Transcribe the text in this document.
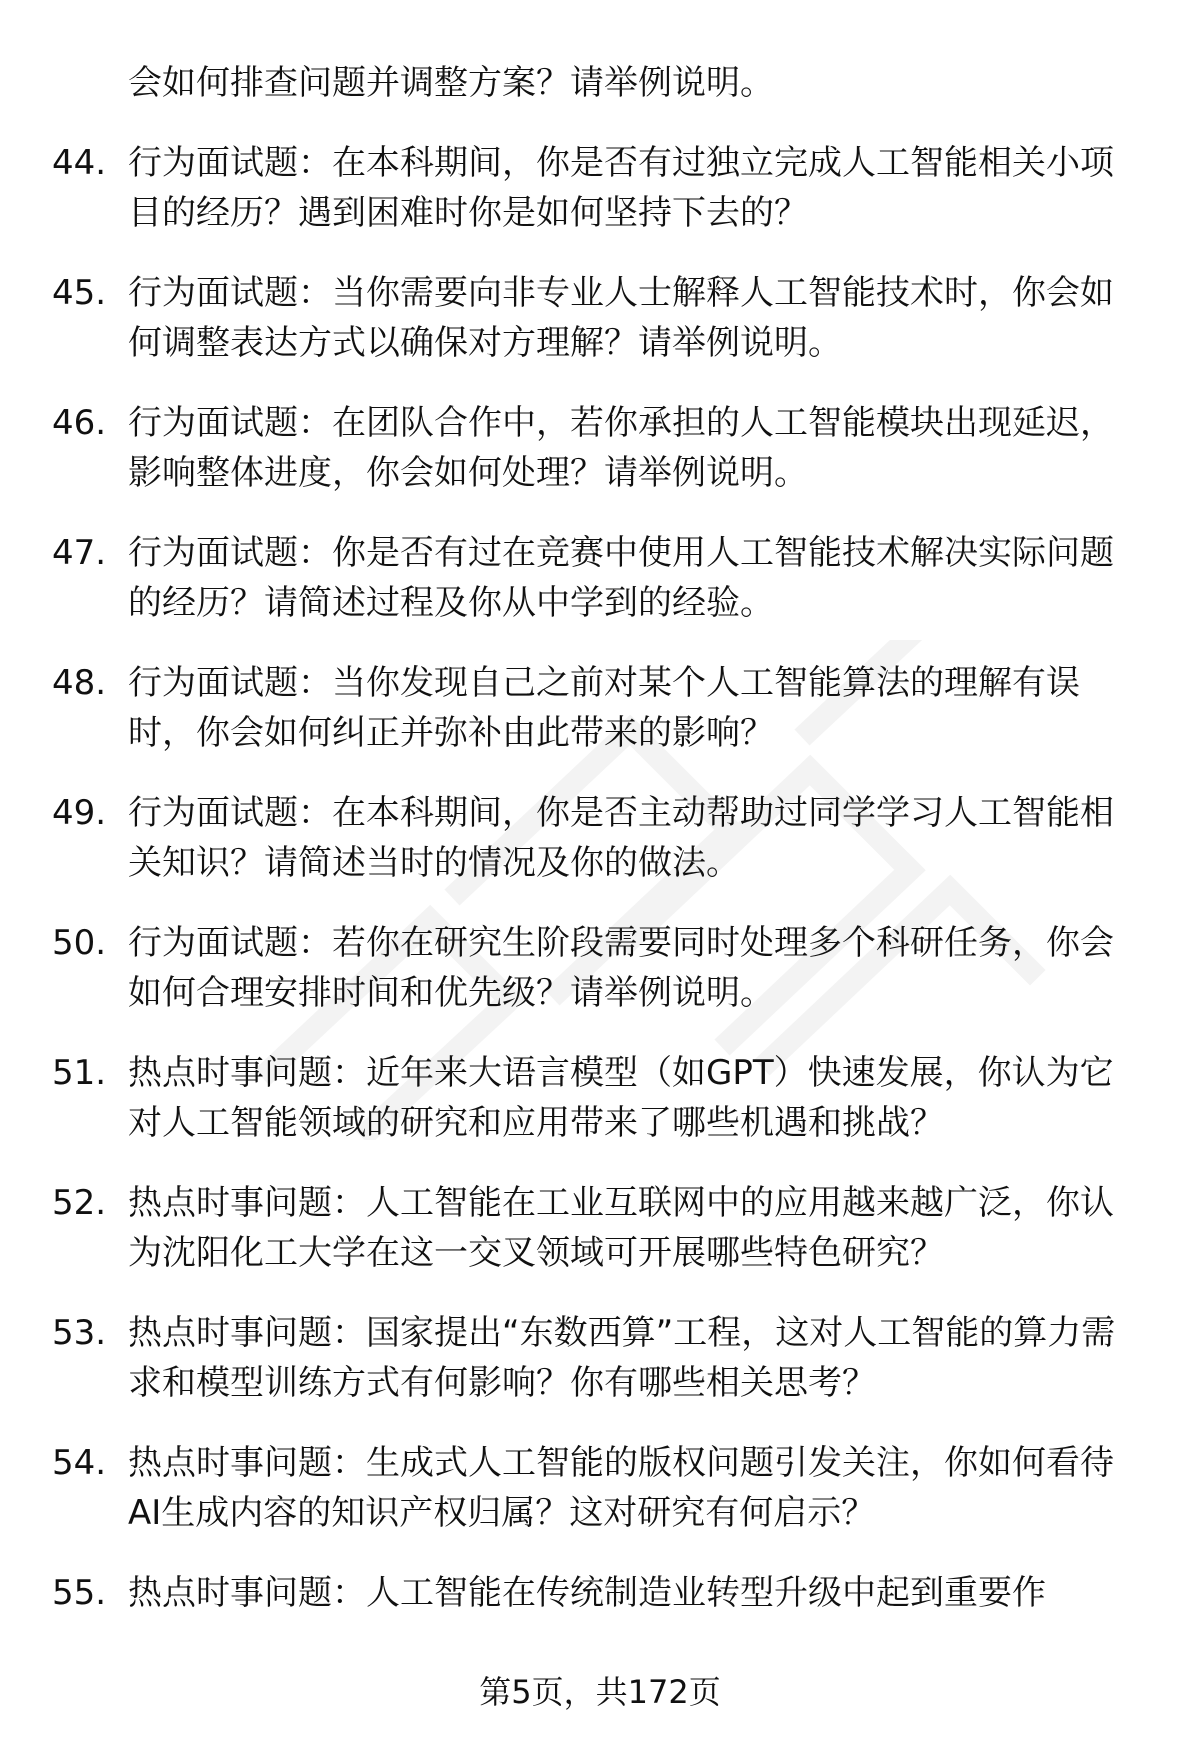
会如何排查问题并调整方案？请举例说明。
44. 行为面试题：在本科期间，你是否有过独立完成人工智能相关小项目的经历？遇到困难时你是如何坚持下去的？
45. 行为面试题：当你需要向非专业人士解释人工智能技术时，你会如何调整表达方式以确保对方理解？请举例说明。
46. 行为面试题：在团队合作中，若你承担的人工智能模块出现延迟，影响整体进度，你会如何处理？请举例说明。
47. 行为面试题：你是否有过在竞赛中使用人工智能技术解决实际问题的经历？请简述过程及你从中学到的经验。
48. 行为面试题：当你发现自己之前对某个人工智能算法的理解有误时，你会如何纠正并弥补由此带来的影响？
49. 行为面试题：在本科期间，你是否主动帮助过同学学习人工智能相关知识？请简述当时的情况及你的做法。
50. 行为面试题：若你在研究生阶段需要同时处理多个科研任务，你会如何合理安排时间和优先级？请举例说明。
51. 热点时事问题：近年来大语言模型（如GPT）快速发展，你认为它对人工智能领域的研究和应用带来了哪些机遇和挑战？
52. 热点时事问题：人工智能在工业互联网中的应用越来越广泛，你认为沈阳化工大学在这一交叉领域可开展哪些特色研究？
53. 热点时事问题：国家提出“东数西算”工程，这对人工智能的算力需求和模型训练方式有何影响？你有哪些相关思考？
54. 热点时事问题：生成式人工智能的版权问题引发关注，你如何看待AI生成内容的知识产权归属？这对研究有何启示？
55. 热点时事问题：人工智能在传统制造业转型升级中起到重要作
第5页，共172页
